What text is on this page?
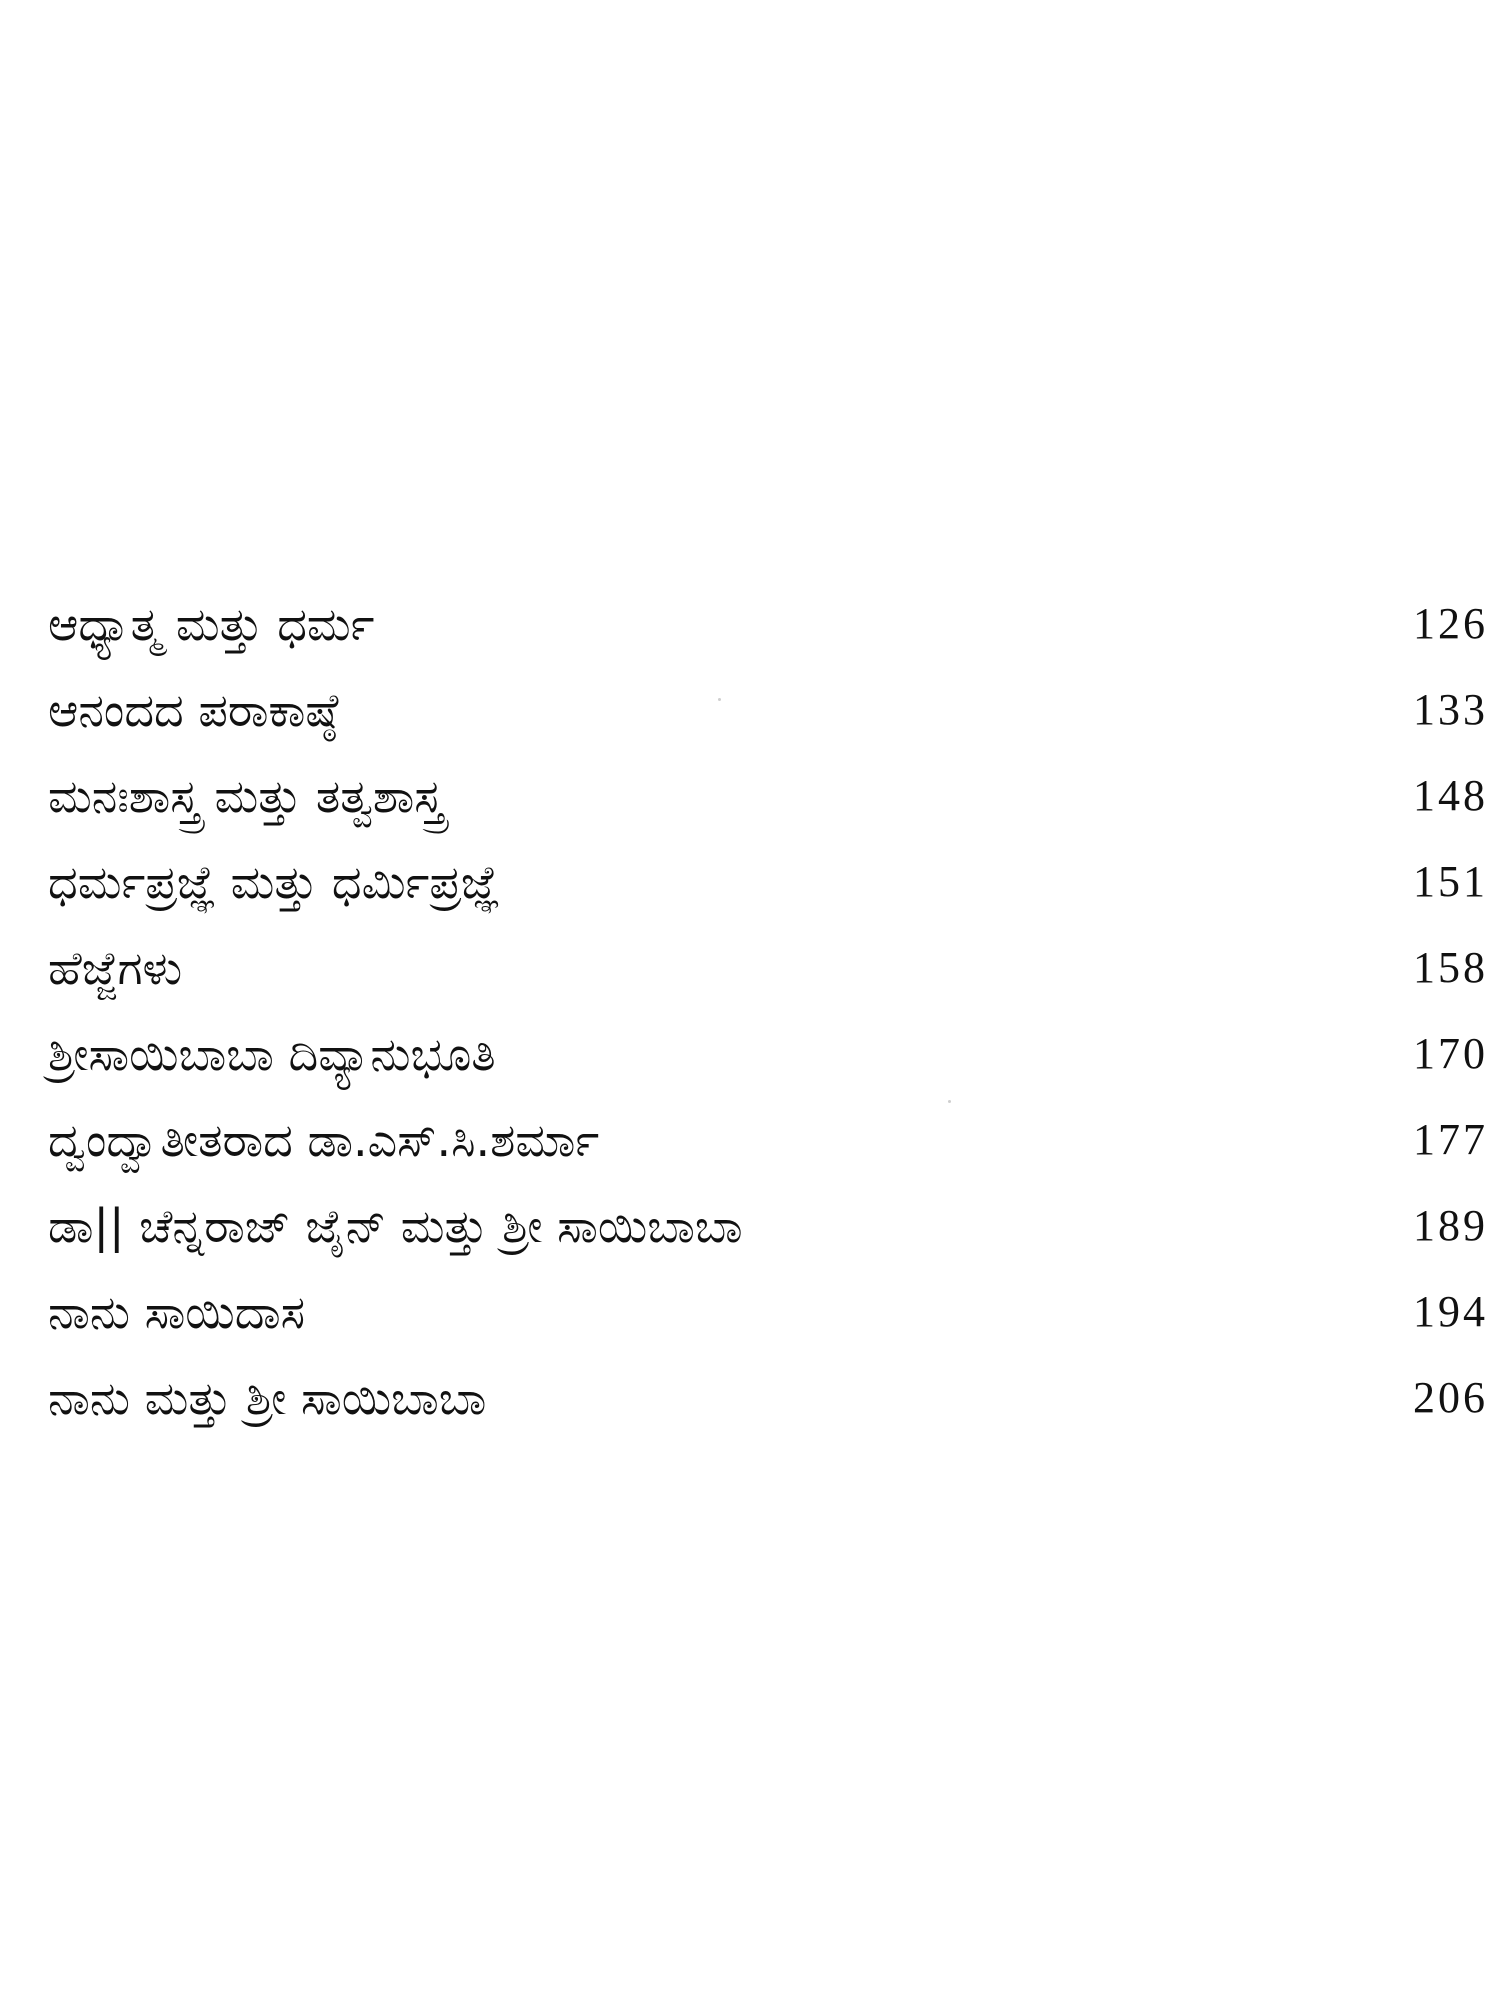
ಆಧ್ಯಾತ್ಮ ಮತ್ತು ಧರ್ಮ	126
ಆನಂದದ ಪರಾಕಾಷ್ಠೆ	133
ಮನಃಶಾಸ್ತ್ರ ಮತ್ತು ತತ್ವಶಾಸ್ತ್ರ	148
ಧರ್ಮಪ್ರಜ್ಞೆ ಮತ್ತು ಧರ್ಮಿಪ್ರಜ್ಞೆ	151
ಹೆಜ್ಜೆಗಳು	158
ಶ್ರೀಸಾಯಿಬಾಬಾ ದಿವ್ಯಾನುಭೂತಿ	170
ದ್ವಂದ್ವಾತೀತರಾದ ಡಾ.ಎಸ್.ಸಿ.ಶರ್ಮಾ	177
ಡಾ|| ಚೆನ್ನರಾಜ್ ಜೈನ್ ಮತ್ತು ಶ್ರೀ ಸಾಯಿಬಾಬಾ	189
ನಾನು ಸಾಯಿದಾಸ	194
ನಾನು ಮತ್ತು ಶ್ರೀ ಸಾಯಿಬಾಬಾ	206
